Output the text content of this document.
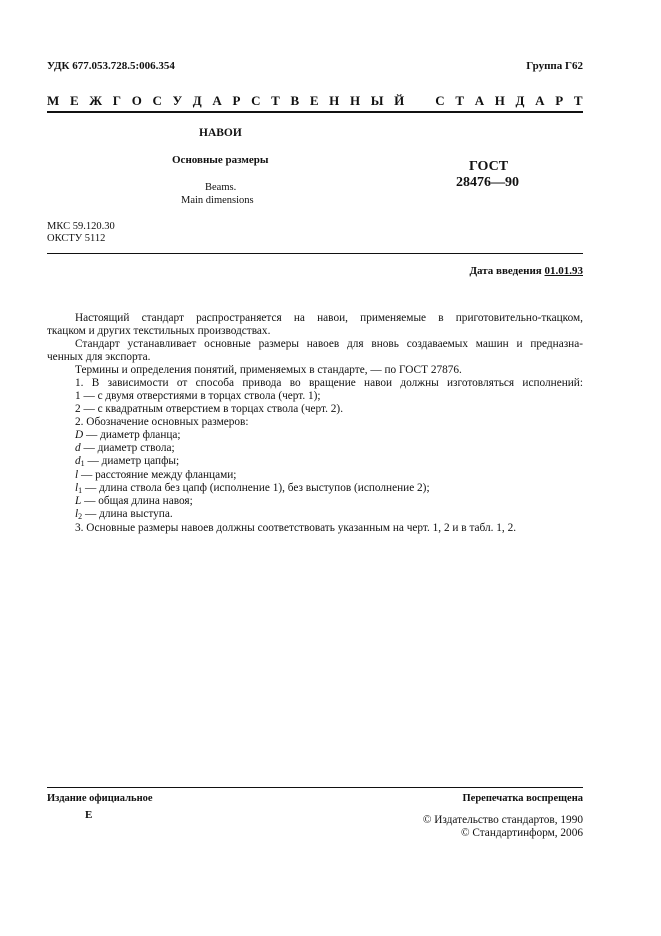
УДК 677.053.728.5:006.354	Группа Г62
М Е Ж Г О С У Д А Р С Т В Е Н Н Ы Й   С Т А Н Д А Р Т
НАВОИ
Основные размеры
Beams.
Main dimensions
ГОСТ
28476—90
МКС 59.120.30
ОКСТУ 5112
Дата введения 01.01.93
Настоящий стандарт распространяется на навои, применяемые в приготовительно-ткацком,
ткацком и других текстильных производствах.
Стандарт устанавливает основные размеры навоев для вновь создаваемых машин и предназна-
ченных для экспорта.
Термины и определения понятий, применяемых в стандарте, — по ГОСТ 27876.
1. В зависимости от способа привода во вращение навои должны изготовляться исполнений:
1 — с двумя отверстиями в торцах ствола (черт. 1);
2 — с квадратным отверстием в торцах ствола (черт. 2).
2. Обозначение основных размеров:
D — диаметр фланца;
d — диаметр ствола;
$d_1$ — диаметр цапфы;
l — расстояние между фланцами;
$l_1$ — длина ствола без цапф (исполнение 1), без выступов (исполнение 2);
L — общая длина навоя;
$l_2$ — длина выступа.
3. Основные размеры навоев должны соответствовать указанным на черт. 1, 2 и в табл. 1, 2.
Издание официальное	Перепечатка воспрещена
Е	© Издательство стандартов, 1990
© Стандартинформ, 2006
